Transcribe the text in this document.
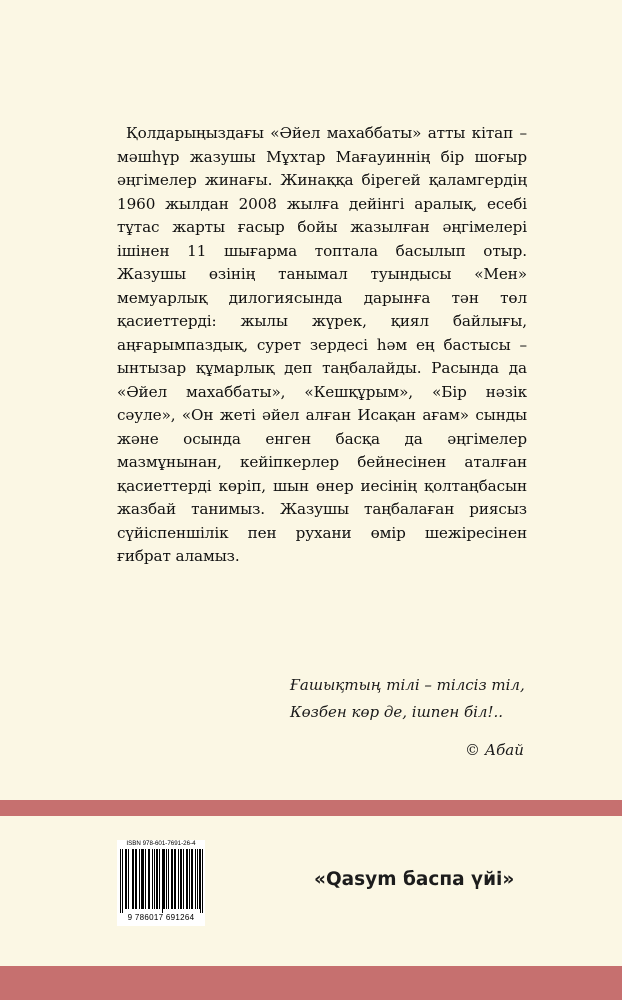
Қолдарыңыздағы «Әйел махаббаты» атты кітап – мәшһүр жазушы Мұхтар Мағауиннің бір шоғыр әңгімелер жинағы. Жинаққа бірегей қаламгердің 1960 жылдан 2008 жылға дейінгі аралық, есебі тұтас жарты ғасыр бойы жазылған әңгімелері ішінен 11 шығарма топтала басылып отыр. Жазушы өзінің танымал туындысы «Мен» мемуарлық дилогиясында дарынға тән төл қасиеттерді: жылы жүрек, қиял байлығы, аңғарымпаздық, сурет зердесі һәм ең бастысы – ынтызар құмарлық деп таңбалайды. Расында да «Әйел махаббаты», «Кешқұрым», «Бір нәзік сәуле», «Он жеті әйел алған Исақан ағам» сынды және осында енген басқа да әңгімелер мазмұнынан, кейіпкерлер бейнесінен аталған қасиеттерді көріп, шын өнер иесінің қолтаңбасын жазбай танимыз. Жазушы таңбалаған риясыз сүйіспеншілік пен рухани өмір шежіресінен ғибрат аламыз.

Ғашықтың тілі – тілсіз тіл,
Көзбен көр де, ішпен біл!..
© Абай
ISBN 978-601-7691-26-4
9 786017 691264
«Qasym баспа үйі»
